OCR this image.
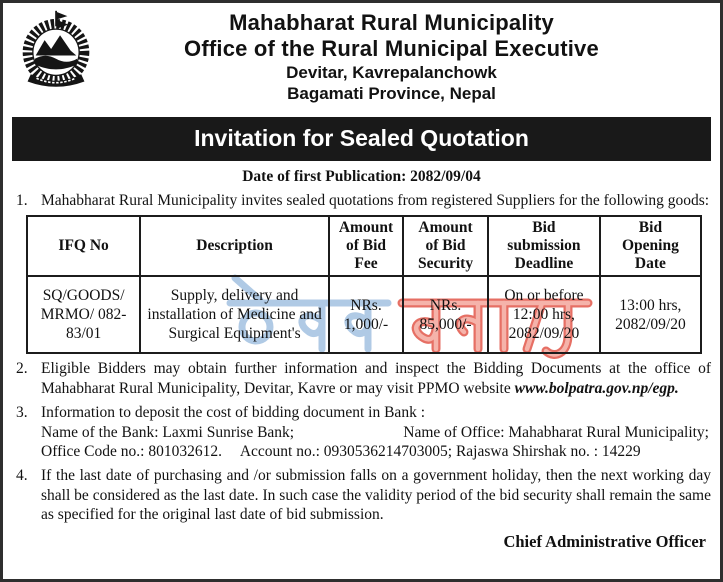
Mahabharat Rural Municipality
Office of the Rural Municipal Executive
Devitar, Kavrepalanchowk
Bagamati Province, Nepal
Invitation for Sealed Quotation
Date of first Publication: 2082/09/04
1. Mahabharat Rural Municipality invites sealed quotations from registered Suppliers for the following goods:
IFQ No	Description	Amount of Bid Fee	Amount of Bid Security	Bid submission Deadline	Bid Opening Date
SQ/GOODS/ MRMO/ 082-83/01	Supply, delivery and installation of Medicine and Surgical Equipment's	NRs. 1,000/-	NRs. 85,000/-	On or before 12:00 hrs, 2082/09/20	13:00 hrs, 2082/09/20
2. Eligible Bidders may obtain further information and inspect the Bidding Documents at the office of Mahabharat Rural Municipality, Devitar, Kavre or may visit PPMO website www.bolpatra.gov.np/egp.
3. Information to deposit the cost of bidding document in Bank :
Name of the Bank: Laxmi Sunrise Bank;	Name of Office: Mahabharat Rural Municipality;
Office Code no.: 801032612. Account no.: 0930536214703005; Rajaswa Shirshak no. : 14229
4. If the last date of purchasing and /or submission falls on a government holiday, then the next working day shall be considered as the last date. In such case the validity period of the bid security shall remain the same as specified for the original last date of bid submission.
Chief Administrative Officer
